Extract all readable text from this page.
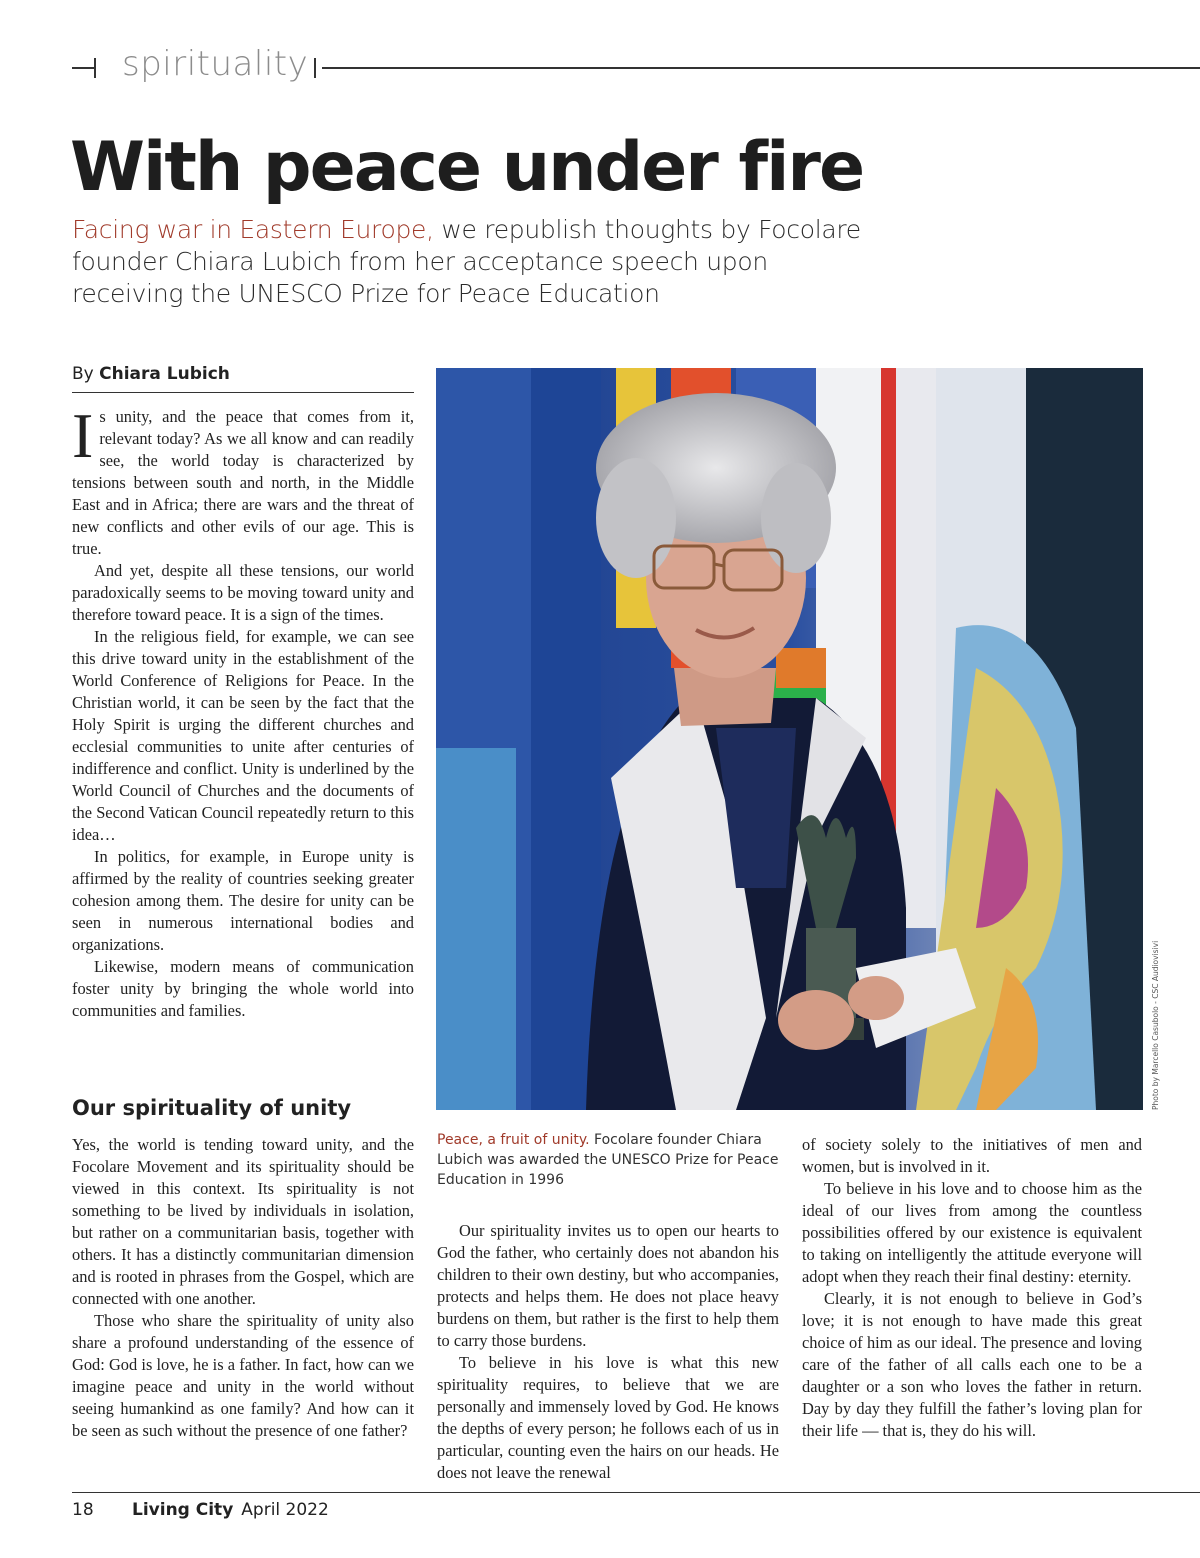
spirituality
With peace under fire

Facing war in Eastern Europe, we republish thoughts by Focolare founder Chiara Lubich from her acceptance speech upon receiving the UNESCO Prize for Peace Education

By Chiara Lubich

Is unity, and the peace that comes from it, relevant today? As we all know and can readily see, the world today is characterized by tensions between south and north, in the Middle East and in Africa; there are wars and the threat of new conflicts and other evils of our age. This is true.

And yet, despite all these tensions, our world paradoxically seems to be moving toward unity and therefore toward peace. It is a sign of the times.

In the religious field, for example, we can see this drive toward unity in the establishment of the World Conference of Religions for Peace. In the Christian world, it can be seen by the fact that the Holy Spirit is urging the different churches and ecclesial communities to unite after centuries of indifference and conflict. Unity is underlined by the World Council of Churches and the documents of the Second Vatican Council repeatedly return to this idea…

In politics, for example, in Europe unity is affirmed by the reality of countries seeking greater cohesion among them. The desire for unity can be seen in numerous international bodies and organizations.

Likewise, modern means of communication foster unity by bringing the whole world into communities and families.

Our spirituality of unity

Yes, the world is tending toward unity, and the Focolare Movement and its spirituality should be viewed in this context. Its spirituality is not something to be lived by individuals in isolation, but rather on a communitarian basis, together with others. It has a distinctly communitarian dimension and is rooted in phrases from the Gospel, which are connected with one another.

Those who share the spirituality of unity also share a profound understanding of the essence of God: God is love, he is a father. In fact, how can we imagine peace and unity in the world without seeing humankind as one family? And how can it be seen as such without the presence of one father?

Photo by Marcello Casubolo - CSC Audiovisivi
Peace, a fruit of unity. Focolare founder Chiara Lubich was awarded the UNESCO Prize for Peace Education in 1996

Our spirituality invites us to open our hearts to God the father, who certainly does not abandon his children to their own destiny, but who accompanies, protects and helps them. He does not place heavy burdens on them, but rather is the first to help them to carry those burdens.

To believe in his love is what this new spirituality requires, to believe that we are personally and immensely loved by God. He knows the depths of every person; he follows each of us in particular, counting even the hairs on our heads. He does not leave the renewal

of society solely to the initiatives of men and women, but is involved in it.

To believe in his love and to choose him as the ideal of our lives from among the countless possibilities offered by our existence is equivalent to taking on intelligently the attitude everyone will adopt when they reach their final destiny: eternity.

Clearly, it is not enough to believe in God’s love; it is not enough to have made this great choice of him as our ideal. The presence and loving care of the father of all calls each one to be a daughter or a son who loves the father in return. Day by day they fulfill the father’s loving plan for their life — that is, they do his will.

18 Living City April 2022
